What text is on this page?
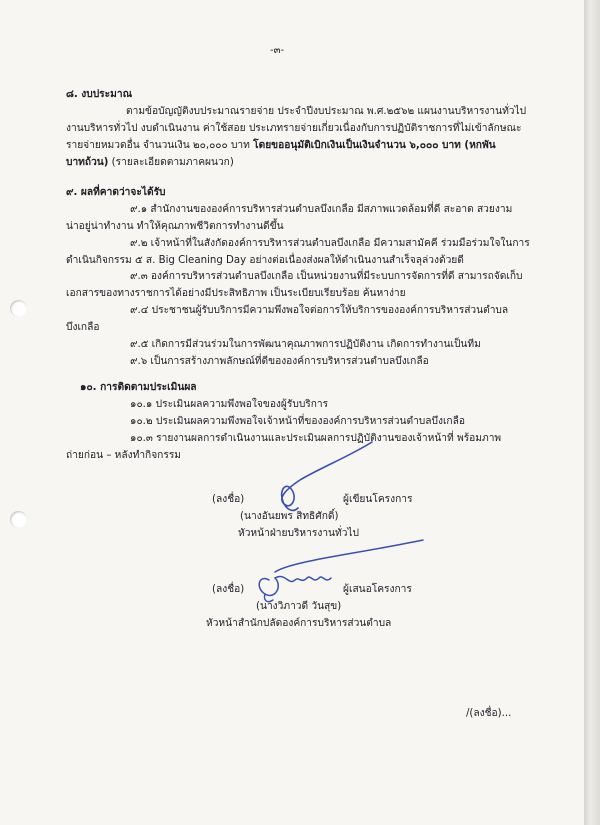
-๓-
๘. งบประมาณ
ตามข้อบัญญัติงบประมาณรายจ่าย ประจำปีงบประมาณ พ.ศ.๒๕๖๒ แผนงานบริหารงานทั่วไป
งานบริหารทั่วไป งบดำเนินงาน ค่าใช้สอย ประเภทรายจ่ายเกี่ยวเนื่องกับการปฏิบัติราชการที่ไม่เข้าลักษณะ
รายจ่ายหมวดอื่น จำนวนเงิน ๒๐,๐๐๐ บาท โดยขออนุมัติเบิกเงินเป็นเงินจำนวน ๖,๐๐๐ บาท (หกพัน
บาทถ้วน) (รายละเอียดตามภาคผนวก)
๙. ผลที่คาดว่าจะได้รับ
๙.๑ สำนักงานขององค์การบริหารส่วนตำบลบึงเกลือ มีสภาพแวดล้อมที่ดี สะอาด สวยงาม
น่าอยู่น่าทำงาน ทำให้คุณภาพชีวิตการทำงานดีขึ้น
๙.๒ เจ้าหน้าที่ในสังกัดองค์การบริหารส่วนตำบลบึงเกลือ มีความสามัคคี ร่วมมือร่วมใจในการ
ดำเนินกิจกรรม ๕ ส. Big Cleaning Day อย่างต่อเนื่องส่งผลให้ดำเนินงานสำเร็จลุล่วงด้วยดี
๙.๓ องค์การบริหารส่วนตำบลบึงเกลือ เป็นหน่วยงานที่มีระบบการจัดการที่ดี สามารถจัดเก็บ
เอกสารของทางราชการได้อย่างมีประสิทธิภาพ เป็นระเบียบเรียบร้อย ค้นหาง่าย
๙.๔ ประชาชนผู้รับบริการมีความพึงพอใจต่อการให้บริการขององค์การบริหารส่วนตำบล
บึงเกลือ
๙.๕ เกิดการมีส่วนร่วมในการพัฒนาคุณภาพการปฏิบัติงาน เกิดการทำงานเป็นทีม
๙.๖ เป็นการสร้างภาพลักษณ์ที่ดีขององค์การบริหารส่วนตำบลบึงเกลือ
๑๐. การติดตามประเมินผล
๑๐.๑ ประเมินผลความพึงพอใจของผู้รับบริการ
๑๐.๒ ประเมินผลความพึงพอใจเจ้าหน้าที่ขององค์การบริหารส่วนตำบลบึงเกลือ
๑๐.๓ รายงานผลการดำเนินงานและประเมินผลการปฏิบัติงานของเจ้าหน้าที่ พร้อมภาพ
ถ่ายก่อน – หลังทำกิจกรรม
(ลงชื่อ)	ผู้เขียนโครงการ
(นางอันยพร สิทธิศักดิ์)
หัวหน้าฝ่ายบริหารงานทั่วไป
(ลงชื่อ)	ผู้เสนอโครงการ
(นางวิภาวดี วันสุข)
หัวหน้าสำนักปลัดองค์การบริหารส่วนตำบล
/(ลงชื่อ)...
